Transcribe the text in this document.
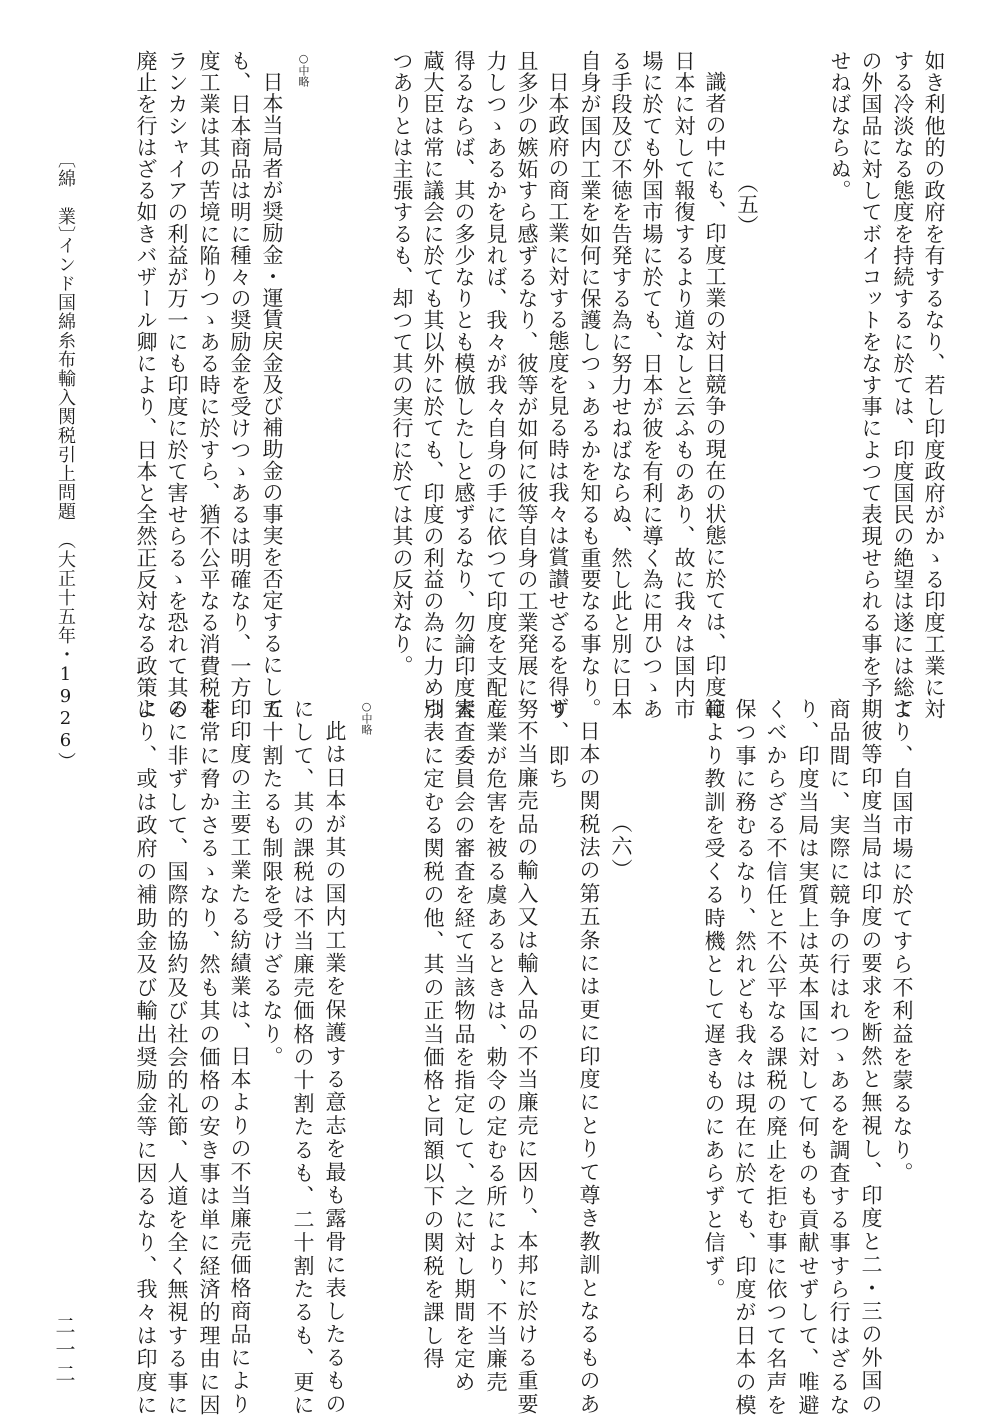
如き利他的の政府を有するなり、若し印度政府がかゝる印度工業に対
する冷淡なる態度を持続するに於ては、印度国民の絶望は遂には総て
の外国品に対してボイコットをなす事によつて表現せられる事を予期
せねばならぬ。
（五）
識者の中にも、印度工業の対日競争の現在の状態に於ては、印度は
日本に対して報復するより道なしと云ふものあり、故に我々は国内市
場に於ても外国市場に於ても、日本が彼を有利に導く為に用ひつゝあ
る手段及び不徳を告発する為に努力せねばならぬ、然し此と別に日本
自身が国内工業を如何に保護しつゝあるかを知るも重要なる事なり。
日本政府の商工業に対する態度を見る時は我々は賞讃せざるを得ず
且多少の嫉妬すら感ずるなり、彼等が如何に彼等自身の工業発展に努
力しつゝあるかを見れば、我々が我々自身の手に依つて印度を支配し
得るならば、其の多少なりとも模倣したしと感ずるなり、勿論印度大
蔵大臣は常に議会に於ても其以外に於ても、印度の利益の為に力めつ
つありとは主張するも、却つて其の実行に於ては其の反対なり。
○中略
日本当局者が奨励金・運賃戻金及び補助金の事実を否定するにして
も、日本商品は明に種々の奨励金を受けつゝあるは明確なり、一方印
度工業は其の苦境に陥りつゝある時に於すら、猶不公平なる消費税を
ランカシャイアの利益が万一にも印度に於て害せらるゝを恐れて其の
廃止を行はざる如きバザール卿により、日本と全然正反対なる政策に
〔綿　業〕
インド国綿糸布輸入関税引上問題　（大正十五年・1926）
より、自国市場に於てすら不利益を蒙るなり。
彼等印度当局は印度の要求を断然と無視し、印度と二・三の外国の
商品間に、実際に競争の行はれつゝあるを調査する事すら行はざるな
り、印度当局は実質上は英本国に対して何ものも貢献せずして、唯避
くべからざる不信任と不公平なる課税の廃止を拒む事に依つて名声を
保つ事に務むるなり、然れども我々は現在に於ても、印度が日本の模
範より教訓を受くる時機として遅きものにあらずと信ず。
（六）
日本の関税法の第五条には更に印度にとりて尊き教訓となるものあ
り、即ち
不当廉売品の輸入又は輸入品の不当廉売に因り、本邦に於ける重要
産業が危害を被る虞あるときは、勅令の定むる所により、不当廉売
審査委員会の審査を経て当該物品を指定して、之に対し期間を定め
別表に定むる関税の他、其の正当価格と同額以下の関税を課し得
○中略
此は日本が其の国内工業を保護する意志を最も露骨に表したるもの
にして、其の課税は不当廉売価格の十割たるも、二十割たるも、更に
五十割たるも制限を受けざるなり。
印度の主要工業たる紡績業は、日本よりの不当廉売価格商品により
非常に脅かさるゝなり、然も其の価格の安き事は単に経済的理由に因
るに非ずして、国際的協約及び社会的礼節、人道を全く無視する事に
より、或は政府の補助金及び輸出奨励金等に因るなり、我々は印度に
二一二
